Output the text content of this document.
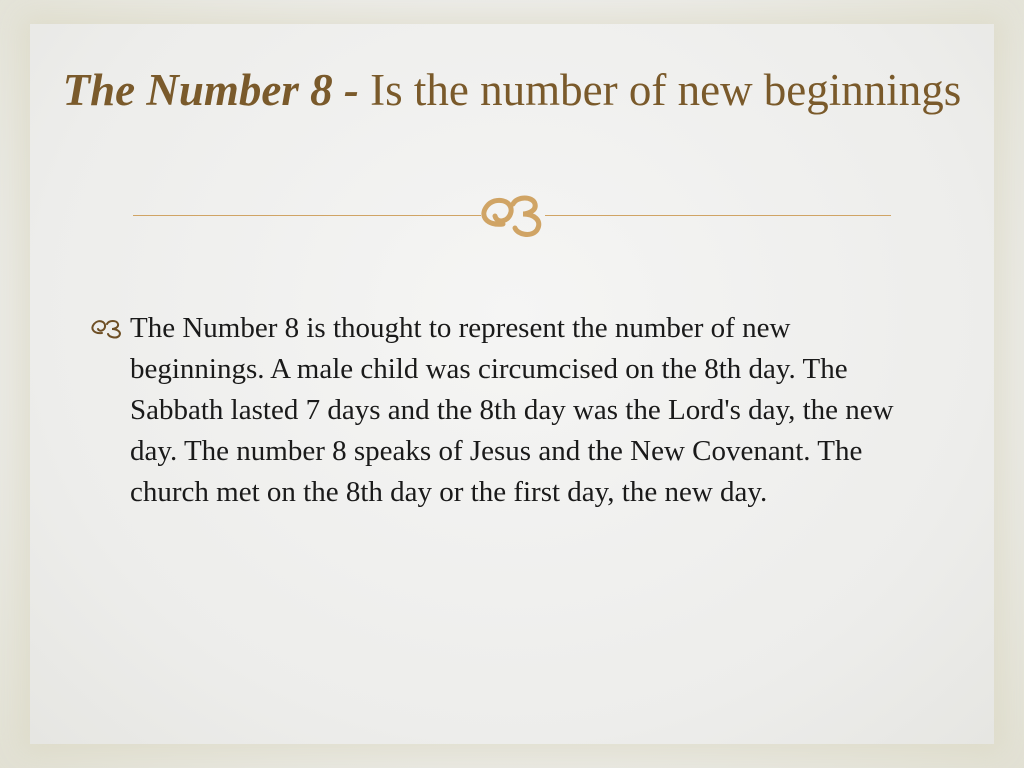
The Number 8 - Is the number of new beginnings

The Number 8 is thought to represent the number of new beginnings. A male child was circumcised on the 8th day. The Sabbath lasted 7 days and the 8th day was the Lord's day, the new day. The number 8 speaks of Jesus and the New Covenant. The church met on the 8th day or the first day, the new day.
